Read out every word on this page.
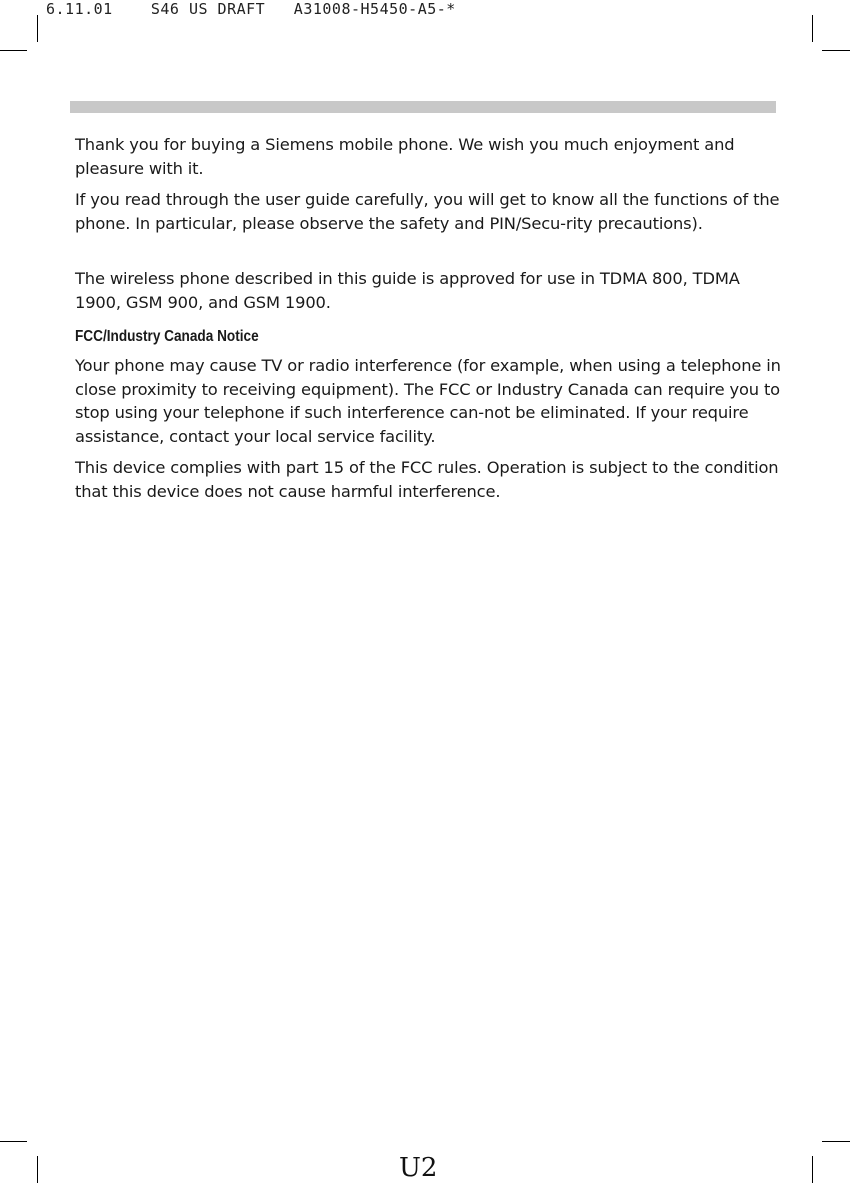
6.11.01    S46 US DRAFT   A31008-H5450-A5-*

Thank you for buying a Siemens mobile phone. We wish you much enjoyment and pleasure with it.

If you read through the user guide carefully, you will get to know all the functions of the phone. In particular, please observe the safety and PIN/Secu-rity precautions).

The wireless phone described in this guide is approved for use in TDMA 800, TDMA 1900, GSM 900, and GSM 1900.

FCC/Industry Canada Notice

Your phone may cause TV or radio interference (for example, when using a telephone in close proximity to receiving equipment). The FCC or Industry Canada can require you to stop using your telephone if such interference can-not be eliminated. If your require assistance, contact your local service facility.

This device complies with part 15 of the FCC rules. Operation is subject to the condition that this device does not cause harmful interference.

U2
